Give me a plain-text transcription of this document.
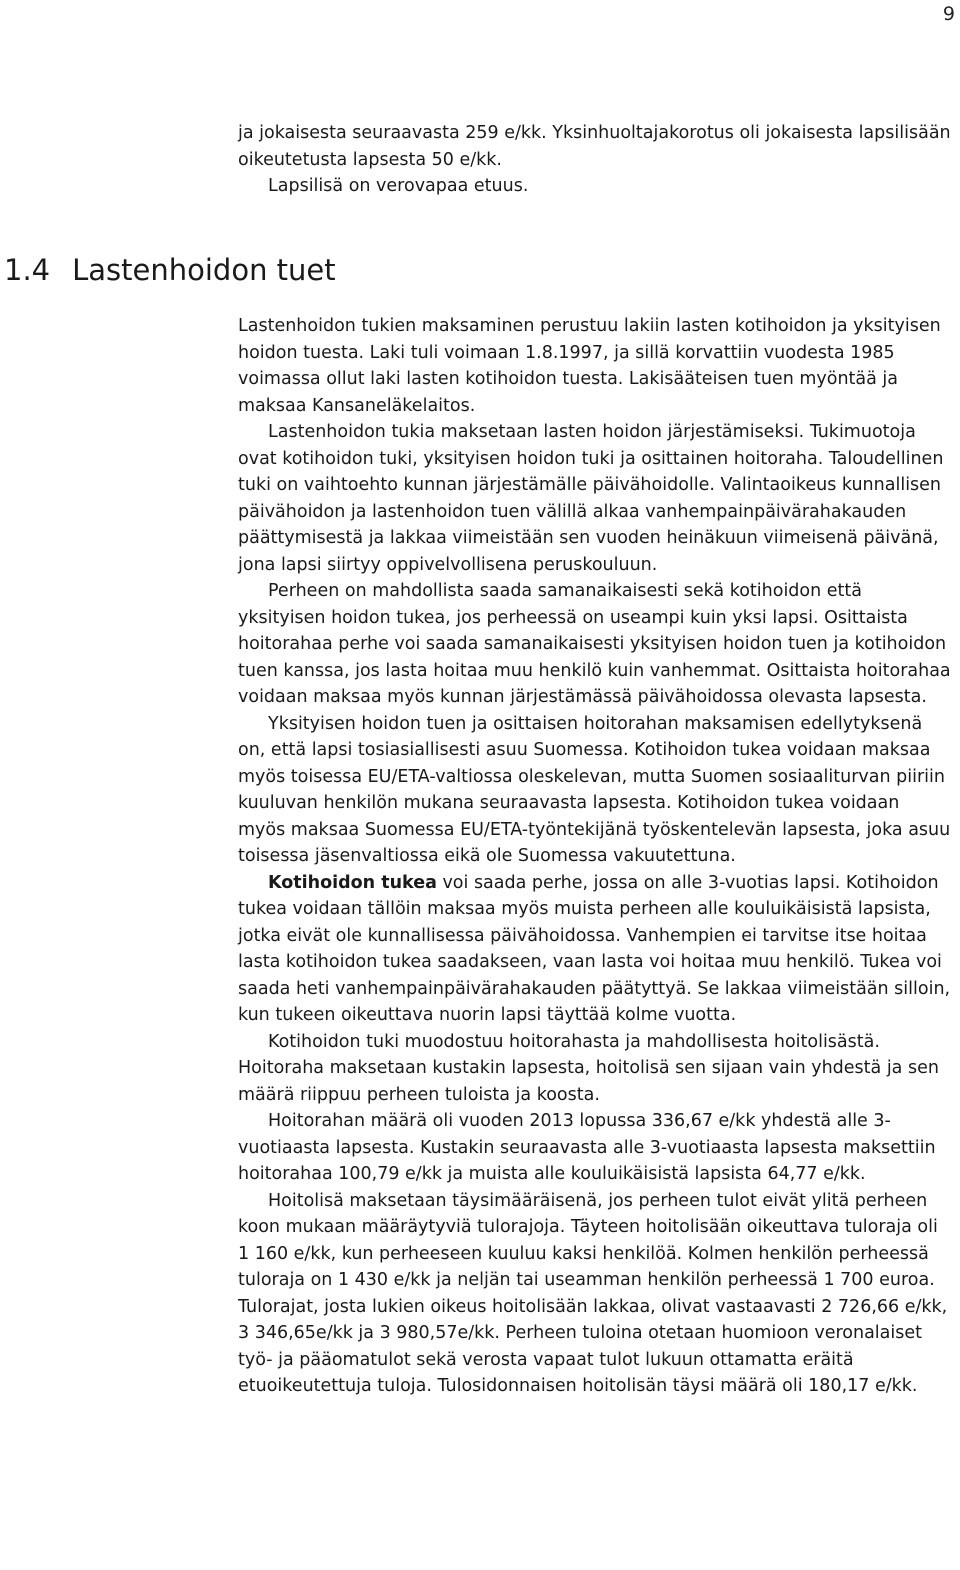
9

ja jokaisesta seuraavasta 259 e/kk. Yksinhuoltajakorotus oli jokaisesta lapsilisään oikeutetusta lapsesta 50 e/kk.

Lapsilisä on verovapaa etuus.

1.4 Lastenhoidon tuet

Lastenhoidon tukien maksaminen perustuu lakiin lasten kotihoidon ja yksityisen hoidon tuesta. Laki tuli voimaan 1.8.1997, ja sillä korvattiin vuodesta 1985 voimassa ollut laki lasten kotihoidon tuesta. Lakisääteisen tuen myöntää ja maksaa Kansaneläkelaitos.

Lastenhoidon tukia maksetaan lasten hoidon järjestämiseksi. Tukimuotoja ovat kotihoidon tuki, yksityisen hoidon tuki ja osittainen hoitoraha. Taloudellinen tuki on vaihtoehto kunnan järjestämälle päivähoidolle. Valintaoikeus kunnallisen päivähoidon ja lastenhoidon tuen välillä alkaa vanhempainpäivärahakauden päättymisestä ja lakkaa viimeistään sen vuoden heinäkuun viimeisenä päivänä, jona lapsi siirtyy oppivelvollisena peruskouluun.

Perheen on mahdollista saada samanaikaisesti sekä kotihoidon että yksityisen hoidon tukea, jos perheessä on useampi kuin yksi lapsi. Osittaista hoitorahaa perhe voi saada samanaikaisesti yksityisen hoidon tuen ja kotihoidon tuen kanssa, jos lasta hoitaa muu henkilö kuin vanhemmat. Osittaista hoitorahaa voidaan maksaa myös kunnan järjestämässä päivähoidossa olevasta lapsesta.

Yksityisen hoidon tuen ja osittaisen hoitorahan maksamisen edellytyksenä on, että lapsi tosiasiallisesti asuu Suomessa. Kotihoidon tukea voidaan maksaa myös toisessa EU/ETA-valtiossa oleskelevan, mutta Suomen sosiaaliturvan piiriin kuuluvan henkilön mukana seuraavasta lapsesta. Kotihoidon tukea voidaan myös maksaa Suomessa EU/ETA-työntekijänä työskentelevän lapsesta, joka asuu toisessa jäsenvaltiossa eikä ole Suomessa vakuutettuna.

Kotihoidon tukea voi saada perhe, jossa on alle 3-vuotias lapsi. Kotihoidon tukea voidaan tällöin maksaa myös muista perheen alle kouluikäisistä lapsista, jotka eivät ole kunnallisessa päivähoidossa. Vanhempien ei tarvitse itse hoitaa lasta kotihoidon tukea saadakseen, vaan lasta voi hoitaa muu henkilö. Tukea voi saada heti vanhempainpäivärahakauden päätyttyä. Se lakkaa viimeistään silloin, kun tukeen oikeuttava nuorin lapsi täyttää kolme vuotta.

Kotihoidon tuki muodostuu hoitorahasta ja mahdollisesta hoitolisästä. Hoitoraha maksetaan kustakin lapsesta, hoitolisä sen sijaan vain yhdestä ja sen määrä riippuu perheen tuloista ja koosta.

Hoitorahan määrä oli vuoden 2013 lopussa 336,67 e/kk yhdestä alle 3-vuotiaasta lapsesta. Kustakin seuraavasta alle 3-vuotiaasta lapsesta maksettiin hoitorahaa 100,79 e/kk ja muista alle kouluikäisistä lapsista 64,77 e/kk.

Hoitolisä maksetaan täysimääräisenä, jos perheen tulot eivät ylitä perheen koon mukaan määräytyviä tulorajoja. Täyteen hoitolisään oikeuttava tuloraja oli 1 160 e/kk, kun perheeseen kuuluu kaksi henkilöä. Kolmen henkilön perheessä tuloraja on 1 430 e/kk ja neljän tai useamman henkilön perheessä 1 700 euroa. Tulorajat, josta lukien oikeus hoitolisään lakkaa, olivat vastaavasti 2 726,66 e/kk, 3 346,65e/kk ja 3 980,57e/kk. Perheen tuloina otetaan huomioon veronalaiset työ- ja pääomatulot sekä verosta vapaat tulot lukuun ottamatta eräitä etuoikeutettuja tuloja. Tulosidonnaisen hoitolisän täysi määrä oli 180,17 e/kk.
